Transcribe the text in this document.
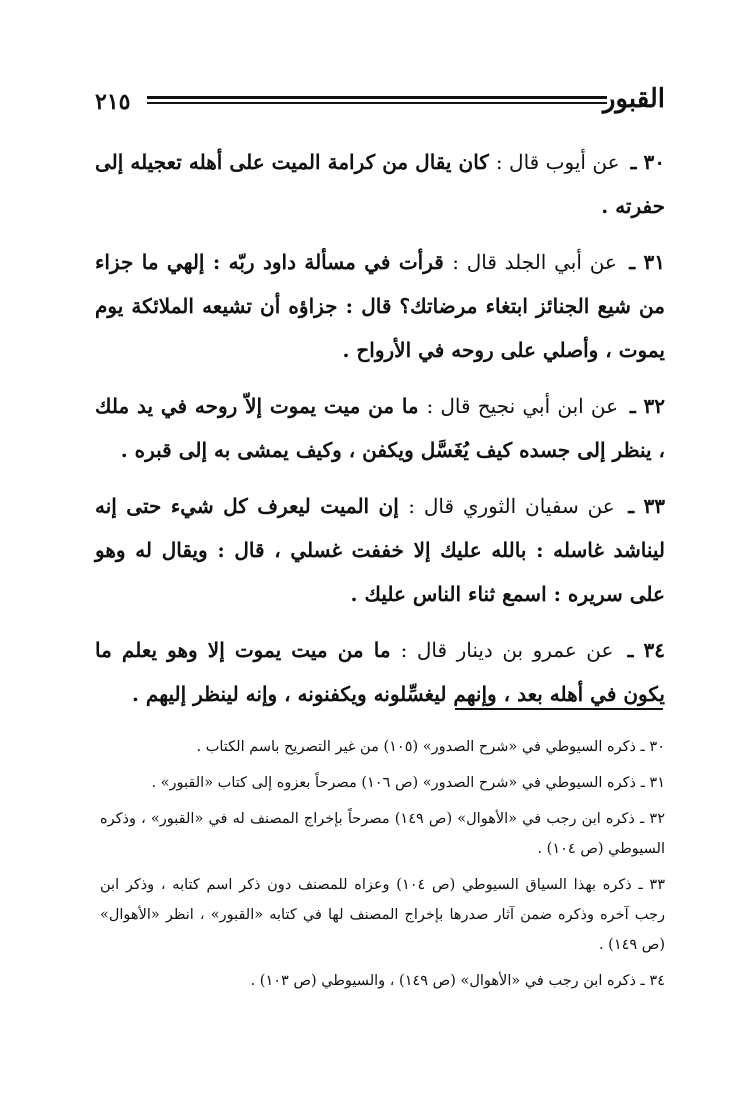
٢١٥	القبور

٣٠ ـ عن أيوب قال : كان يقال من كرامة الميت على أهله تعجيله إلى حفرته .

٣١ ـ عن أبي الجلد قال : قرأت في مسألة داود ربّه : إلهي ما جزاء من شيع الجنائز ابتغاء مرضاتك؟ قال : جزاؤه أن تشيعه الملائكة يوم يموت ، وأصلي على روحه في الأرواح .

٣٢ ـ عن ابن أبي نجيح قال : ما من ميت يموت إلاّ روحه في يد ملك ، ينظر إلى جسده كيف يُغَسَّل ويكفن ، وكيف يمشى به إلى قبره .

٣٣ ـ عن سفيان الثوري قال : إن الميت ليعرف كل شيء حتى إنه ليناشد غاسله : بالله عليك إلا خففت غسلي ، قال : ويقال له وهو على سريره : اسمع ثناء الناس عليك .

٣٤ ـ عن عمرو بن دينار قال : ما من ميت يموت إلا وهو يعلم ما يكون في أهله بعد ، وإنهم ليغسِّلونه ويكفنونه ، وإنه لينظر إليهم .

٣٠ ـ ذكره السيوطي في «شرح الصدور» (١٠٥) من غير التصريح باسم الكتاب .

٣١ ـ ذكره السيوطي في «شرح الصدور» (ص ١٠٦) مصرحاً بعزوه إلى كتاب «القبور» .

٣٢ ـ ذكره ابن رجب في «الأهوال» (ص ١٤٩) مصرحاً بإخراج المصنف له في «القبور» ، وذكره السيوطي (ص ١٠٤) .

٣٣ ـ ذكره بهذا السياق السيوطي (ص ١٠٤) وعزاه للمصنف دون ذكر اسم كتابه ، وذكر ابن رجب آخره وذكره ضمن آثار صدرها بإخراج المصنف لها في كتابه «القبور» ، انظر «الأهوال» (ص ١٤٩) .

٣٤ ـ ذكره ابن رجب في «الأهوال» (ص ١٤٩) ، والسيوطي (ص ١٠٣) .
